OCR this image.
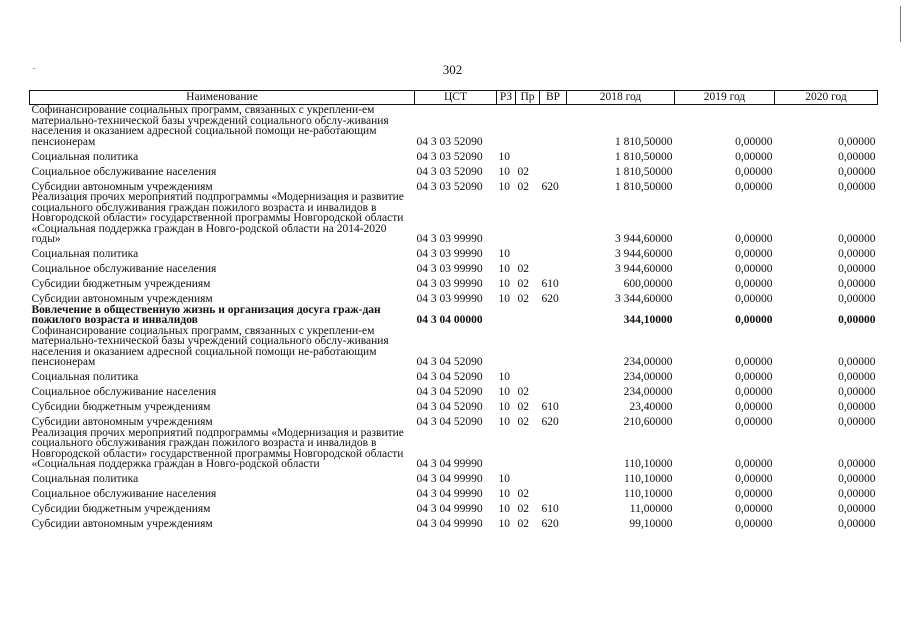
302
Наименование	ЦСТ	РЗ	Пр	ВР	2018 год	2019 год	2020 год
Софинансирование социальных программ, связанных с укреплени-ем материально-технической базы учреждений социального обслу-живания населения и оказанием адресной социальной помощи не-работающим пенсионерам	04 3 03 52090				1 810,50000	0,00000	0,00000
Социальная политика	04 3 03 52090	10			1 810,50000	0,00000	0,00000
Социальное обслуживание населения	04 3 03 52090	10	02		1 810,50000	0,00000	0,00000
Субсидии автономным учреждениям	04 3 03 52090	10	02	620	1 810,50000	0,00000	0,00000
Реализация прочих мероприятий подпрограммы «Модернизация и развитие социального обслуживания граждан пожилого возраста и инвалидов в Новгородской области» государственной программы Новгородской области «Социальная поддержка граждан в Новго-родской области на 2014-2020 годы»	04 3 03 99990				3 944,60000	0,00000	0,00000
Социальная политика	04 3 03 99990	10			3 944,60000	0,00000	0,00000
Социальное обслуживание населения	04 3 03 99990	10	02		3 944,60000	0,00000	0,00000
Субсидии бюджетным учреждениям	04 3 03 99990	10	02	610	600,00000	0,00000	0,00000
Субсидии автономным учреждениям	04 3 03 99990	10	02	620	3 344,60000	0,00000	0,00000
Вовлечение в общественную жизнь и организация досуга граж-дан пожилого возраста и инвалидов	04 3 04 00000				344,10000	0,00000	0,00000
Софинансирование социальных программ, связанных с укреплени-ем материально-технической базы учреждений социального обслу-живания населения и оказанием адресной социальной помощи не-работающим пенсионерам	04 3 04 52090				234,00000	0,00000	0,00000
Социальная политика	04 3 04 52090	10			234,00000	0,00000	0,00000
Социальное обслуживание населения	04 3 04 52090	10	02		234,00000	0,00000	0,00000
Субсидии бюджетным учреждениям	04 3 04 52090	10	02	610	23,40000	0,00000	0,00000
Субсидии автономным учреждениям	04 3 04 52090	10	02	620	210,60000	0,00000	0,00000
Реализация прочих мероприятий подпрограммы «Модернизация и развитие социального обслуживания граждан пожилого возраста и инвалидов в Новгородской области» государственной программы Новгородской области «Социальная поддержка граждан в Новго-родской области	04 3 04 99990				110,10000	0,00000	0,00000
Социальная политика	04 3 04 99990	10			110,10000	0,00000	0,00000
Социальное обслуживание населения	04 3 04 99990	10	02		110,10000	0,00000	0,00000
Субсидии бюджетным учреждениям	04 3 04 99990	10	02	610	11,00000	0,00000	0,00000
Субсидии автономным учреждениям	04 3 04 99990	10	02	620	99,10000	0,00000	0,00000
